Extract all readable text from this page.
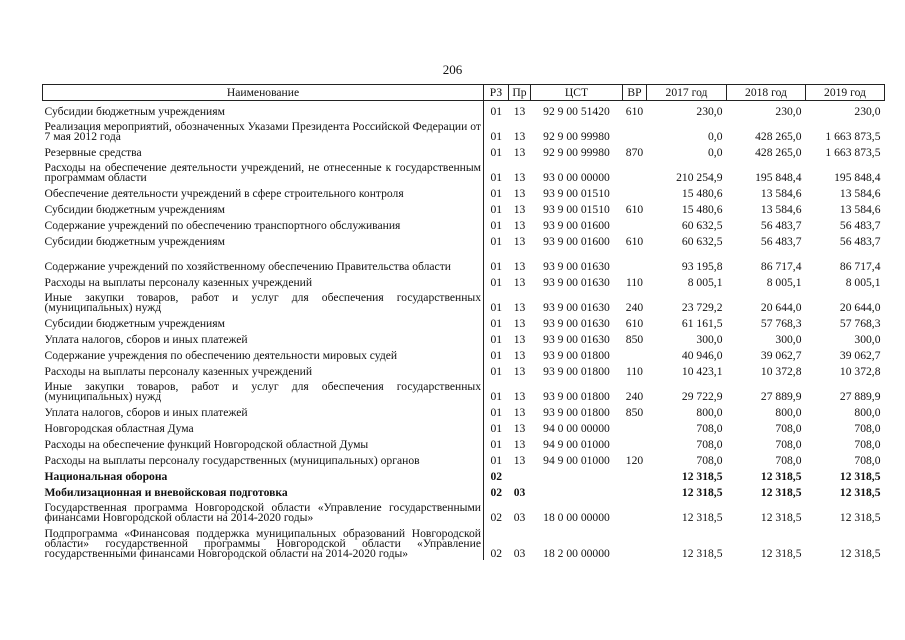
206
Наименование	РЗ	Пр	ЦСТ	ВР	2017 год	2018 год	2019 год
Субсидии бюджетным учреждениям	01	13	92 9 00 51420	610	230,0	230,0	230,0
Реализация мероприятий, обозначенных Указами Президента Российской Федерации от 7 мая 2012 года	01	13	92 9 00 99980		0,0	428 265,0	1 663 873,5
Резервные средства	01	13	92 9 00 99980	870	0,0	428 265,0	1 663 873,5
Расходы на обеспечение деятельности учреждений, не отнесенные к государственным программам области	01	13	93 0 00 00000		210 254,9	195 848,4	195 848,4
Обеспечение деятельности учреждений в сфере строительного контроля	01	13	93 9 00 01510		15 480,6	13 584,6	13 584,6
Субсидии бюджетным учреждениям	01	13	93 9 00 01510	610	15 480,6	13 584,6	13 584,6
Содержание учреждений по обеспечению транспортного обслуживания	01	13	93 9 00 01600		60 632,5	56 483,7	56 483,7
Субсидии бюджетным учреждениям	01	13	93 9 00 01600	610	60 632,5	56 483,7	56 483,7
Содержание учреждений по хозяйственному обеспечению Правительства области	01	13	93 9 00 01630		93 195,8	86 717,4	86 717,4
Расходы на выплаты персоналу казенных учреждений	01	13	93 9 00 01630	110	8 005,1	8 005,1	8 005,1
Иные закупки товаров, работ и услуг для обеспечения государственных (муниципальных) нужд	01	13	93 9 00 01630	240	23 729,2	20 644,0	20 644,0
Субсидии бюджетным учреждениям	01	13	93 9 00 01630	610	61 161,5	57 768,3	57 768,3
Уплата налогов, сборов и иных платежей	01	13	93 9 00 01630	850	300,0	300,0	300,0
Содержание учреждения по обеспечению деятельности мировых судей	01	13	93 9 00 01800		40 946,0	39 062,7	39 062,7
Расходы на выплаты персоналу казенных учреждений	01	13	93 9 00 01800	110	10 423,1	10 372,8	10 372,8
Иные закупки товаров, работ и услуг для обеспечения государственных (муниципальных) нужд	01	13	93 9 00 01800	240	29 722,9	27 889,9	27 889,9
Уплата налогов, сборов и иных платежей	01	13	93 9 00 01800	850	800,0	800,0	800,0
Новгородская областная Дума	01	13	94 0 00 00000		708,0	708,0	708,0
Расходы на обеспечение функций Новгородской областной Думы	01	13	94 9 00 01000		708,0	708,0	708,0
Расходы на выплаты персоналу государственных (муниципальных) органов	01	13	94 9 00 01000	120	708,0	708,0	708,0
Национальная оборона	02				12 318,5	12 318,5	12 318,5
Мобилизационная и вневойсковая подготовка	02	03			12 318,5	12 318,5	12 318,5
Государственная программа Новгородской области «Управление государственными финансами Новгородской области на 2014-2020 годы»	02	03	18 0 00 00000		12 318,5	12 318,5	12 318,5
Подпрограмма «Финансовая поддержка муниципальных образований Новгородской области» государственной программы Новгородской области «Управление государственными финансами Новгородской области на 2014-2020 годы»	02	03	18 2 00 00000		12 318,5	12 318,5	12 318,5
